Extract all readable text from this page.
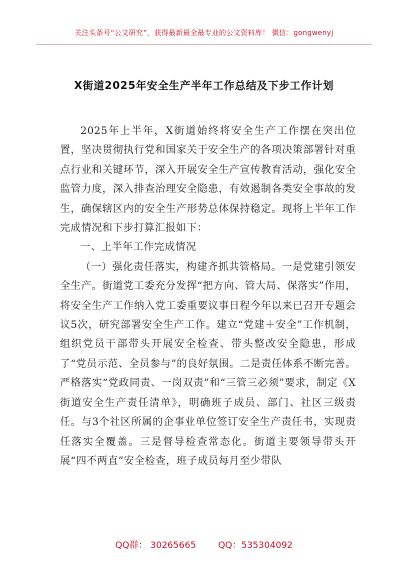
关注头条号“公文研究”，获得最新最全最专业的公文资料库！ 微信：gongwenyj
X街道2025年安全生产半年工作总结及下步工作计划

2025年上半年，X街道始终将安全生产工作摆在突出位置，坚决贯彻执行党和国家关于安全生产的各项决策部署针对重点行业和关键环节，深入开展安全生产宣传教育活动，强化安全监管力度，深入排查治理安全隐患，有效遏制各类安全事故的发生，确保辖区内的安全生产形势总体保持稳定。现将上半年工作完成情况和下步打算汇报如下：

一、上半年工作完成情况

（一）强化责任落实，构建齐抓共管格局。一是党建引领安全生产。街道党工委充分发挥“把方向、管大局、保落实”作用，将安全生产工作纳入党工委重要议事日程今年以来已召开专题会议5次，研究部署安全生产工作。建立“党建＋安全”工作机制，组织党员干部带头开展安全检查、带头整改安全隐患，形成了“党员示范、全员参与”的良好氛围。二是责任体系不断完善。严格落实“党政同责、一岗双责”和“三管三必须”要求，制定《X街道安全生产责任清单》，明确班子成员、部门、社区三级责任。与3个社区所属的企事业单位签订安全生产责任书，实现责任落实全覆盖。三是督导检查常态化。街道主要领导带头开展“四不两直”安全检查，班子成员每月至少带队

QQ群： 30265665 QQ：535304092
